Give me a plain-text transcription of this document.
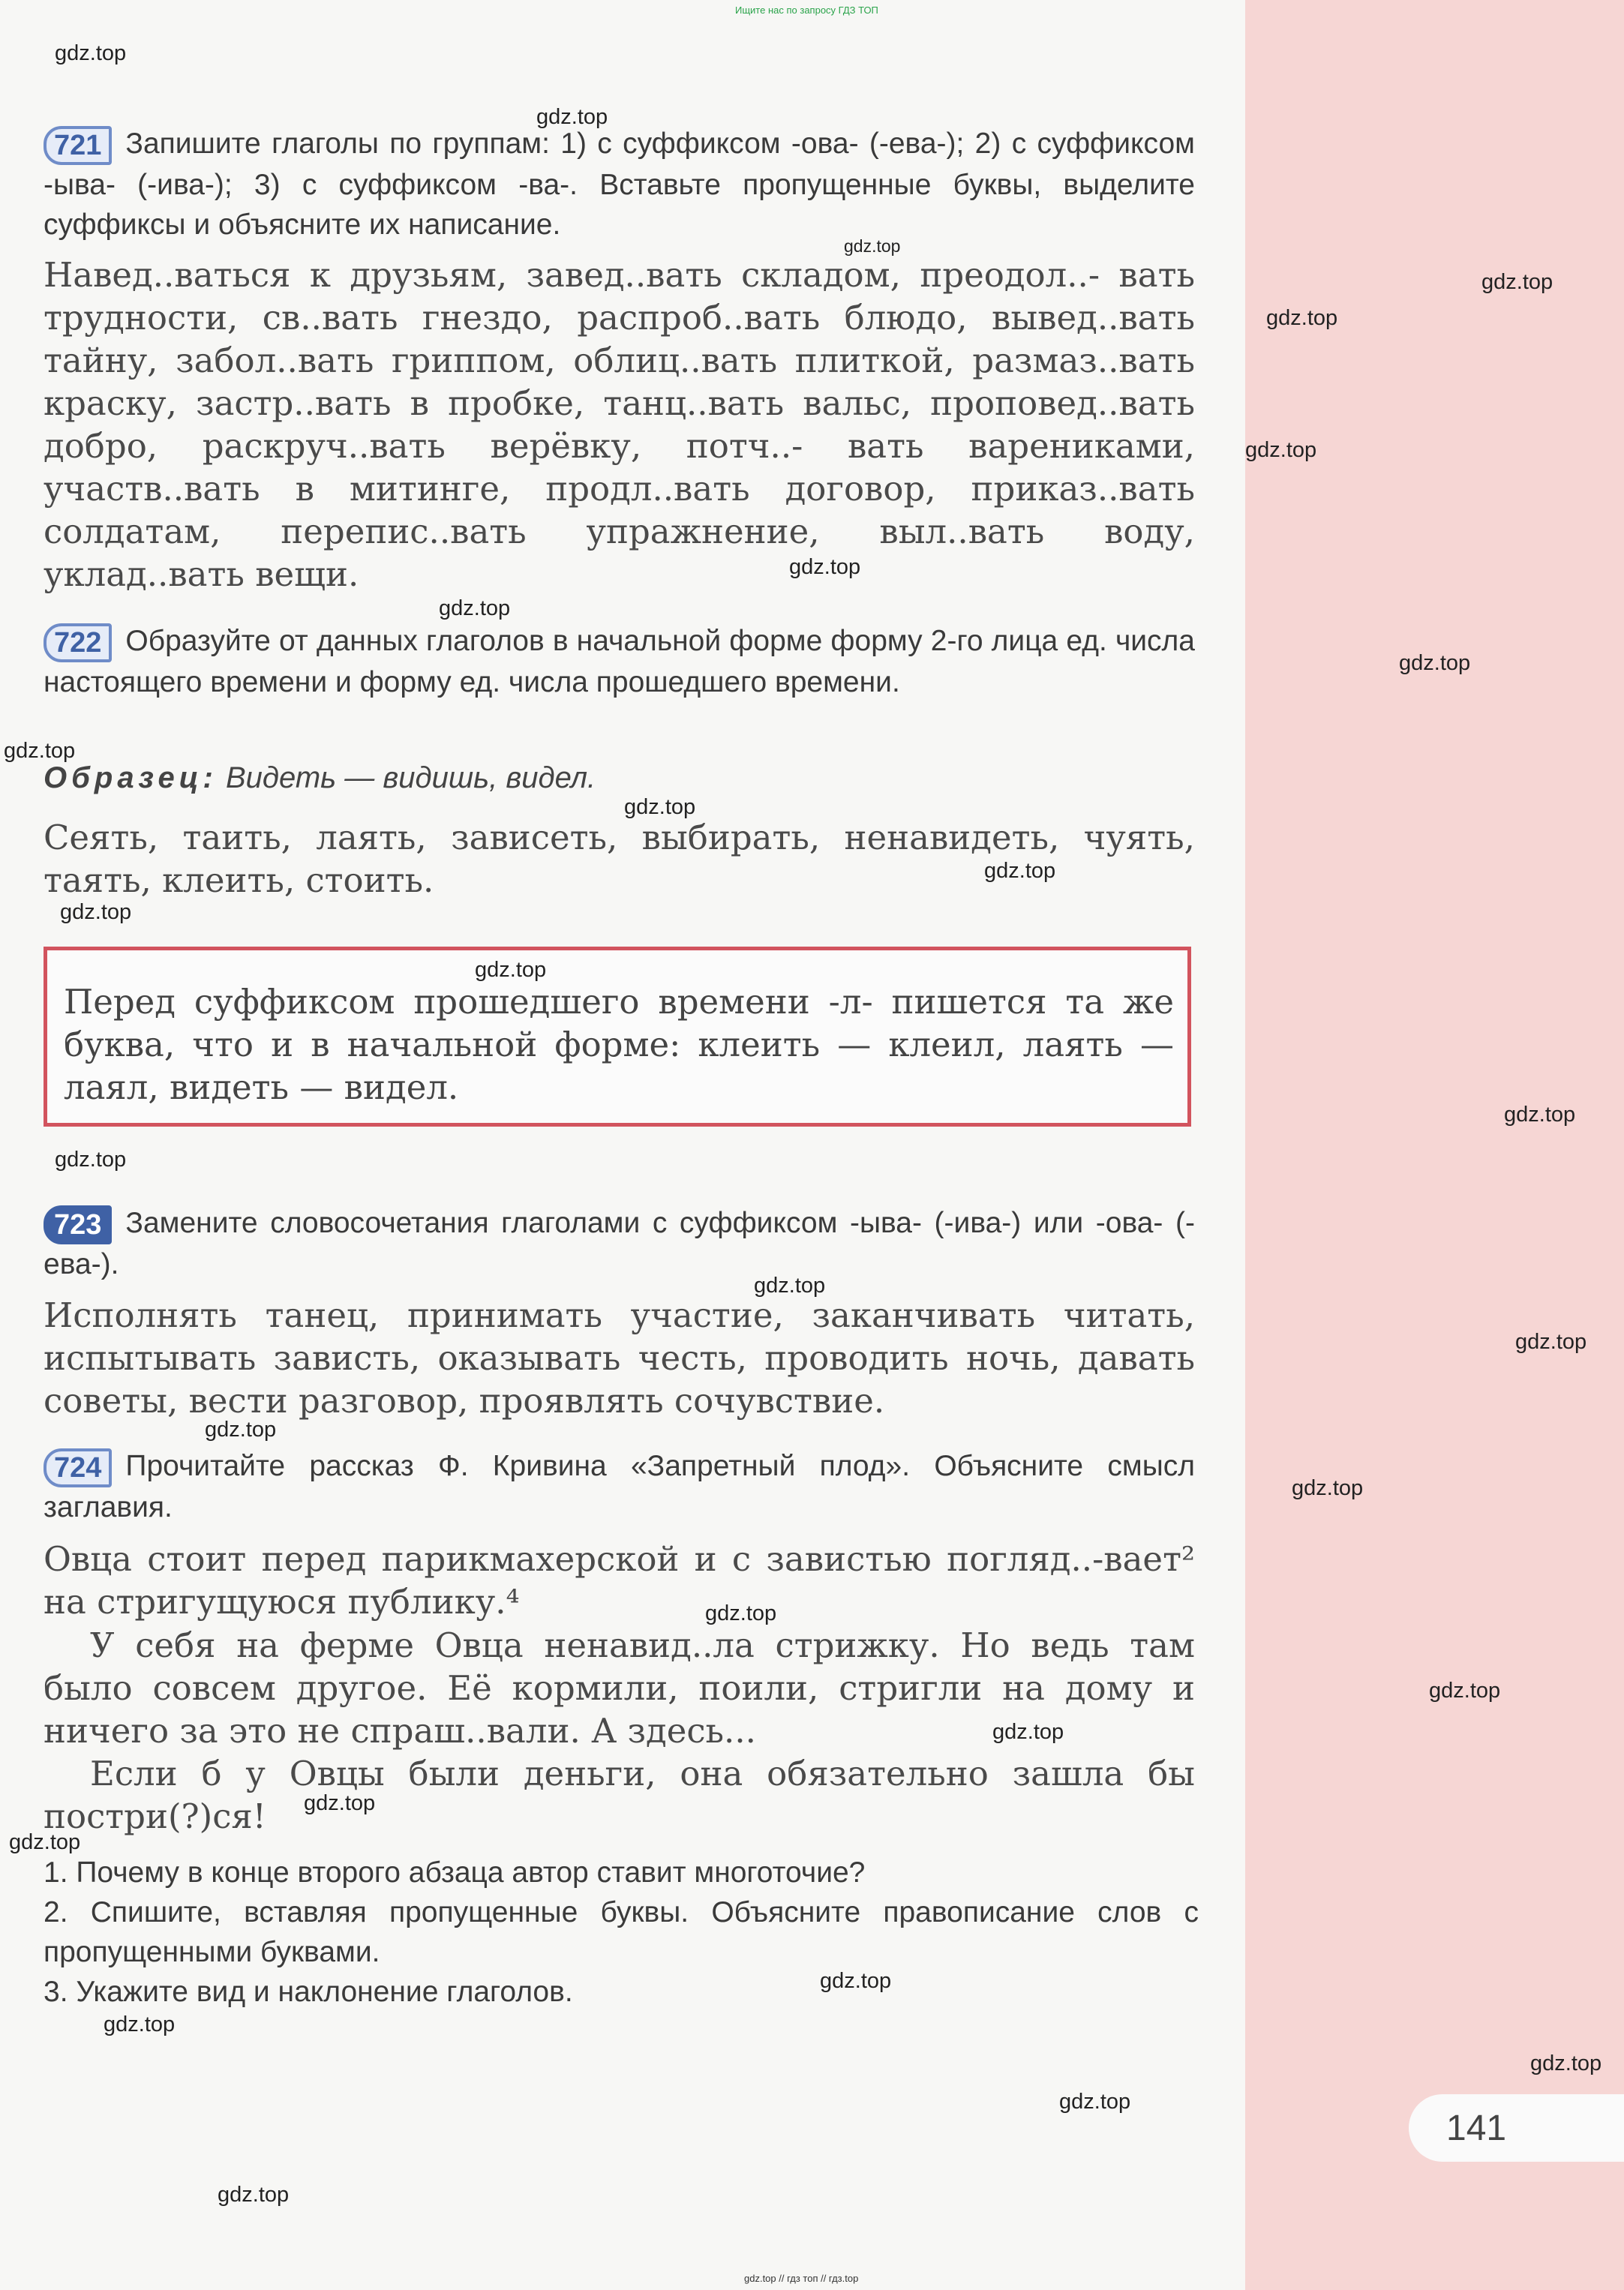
Ищите нас по запросу ГДЗ ТОП
721 Запишите глаголы по группам: 1) с суффиксом -ова- (-ева-); 2) с суффиксом -ыва- (-ива-); 3) с суффиксом -ва-. Вставьте пропущенные буквы, выделите суффиксы и объясните их написание.
Навед..ваться к друзьям, завед..вать складом, преодол..- вать трудности, св..вать гнездо, распроб..вать блюдо, вывед..вать тайну, забол..вать гриппом, облиц..вать плиткой, размаз..вать краску, застр..вать в пробке, танц..вать вальс, проповед..вать добро, раскруч..вать верёвку, потч..- вать варениками, участв..вать в митинге, продл..вать договор, приказ..вать солдатам, перепис..вать упражнение, выл..вать воду, уклад..вать вещи.
722 Образуйте от данных глаголов в начальной форме форму 2-го лица ед. числа настоящего времени и форму ед. числа прошедшего времени.
Образец: Видеть — видишь, видел.
Сеять, таить, лаять, зависеть, выбирать, ненавидеть, чуять, таять, клеить, стоить.
Перед суффиксом прошедшего времени -л- пишется та же буква, что и в начальной форме: клеить — клеил, лаять — лаял, видеть — видел.
723 Замените словосочетания глаголами с суффиксом -ыва- (-ива-) или -ова- (-ева-).
Исполнять танец, принимать участие, заканчивать читать, испытывать зависть, оказывать честь, проводить ночь, давать советы, вести разговор, проявлять сочувствие.
724 Прочитайте рассказ Ф. Кривина «Запретный плод». Объясните смысл заглавия.
Овца стоит перед парикмахерской и с завистью погляд..-вает² на стригущуюся публику.⁴
У себя на ферме Овца ненавид..ла стрижку. Но ведь там было совсем другое. Её кормили, поили, стригли на дому и ничего за это не спраш..вали. А здесь...
Если б у Овцы были деньги, она обязательно зашла бы постри(?)ся!
1. Почему в конце второго абзаца автор ставит многоточие?
2. Спишите, вставляя пропущенные буквы. Объясните правописание слов с пропущенными буквами.
3. Укажите вид и наклонение глаголов.
141
gdz.top
gdz.top
gdz.top
gdz.top
gdz.top
gdz.top
gdz.top
gdz.top
gdz.top
gdz.top
gdz.top
gdz.top
gdz.top
gdz.top
gdz.top
gdz.top
gdz.top
gdz.top
gdz.top
gdz.top
gdz.top
gdz.top
gdz.top
gdz.top
gdz.top
gdz.top
gdz.top
gdz.top
gdz.top
gdz.top
gdz.top // гдз топ // гдз.top
